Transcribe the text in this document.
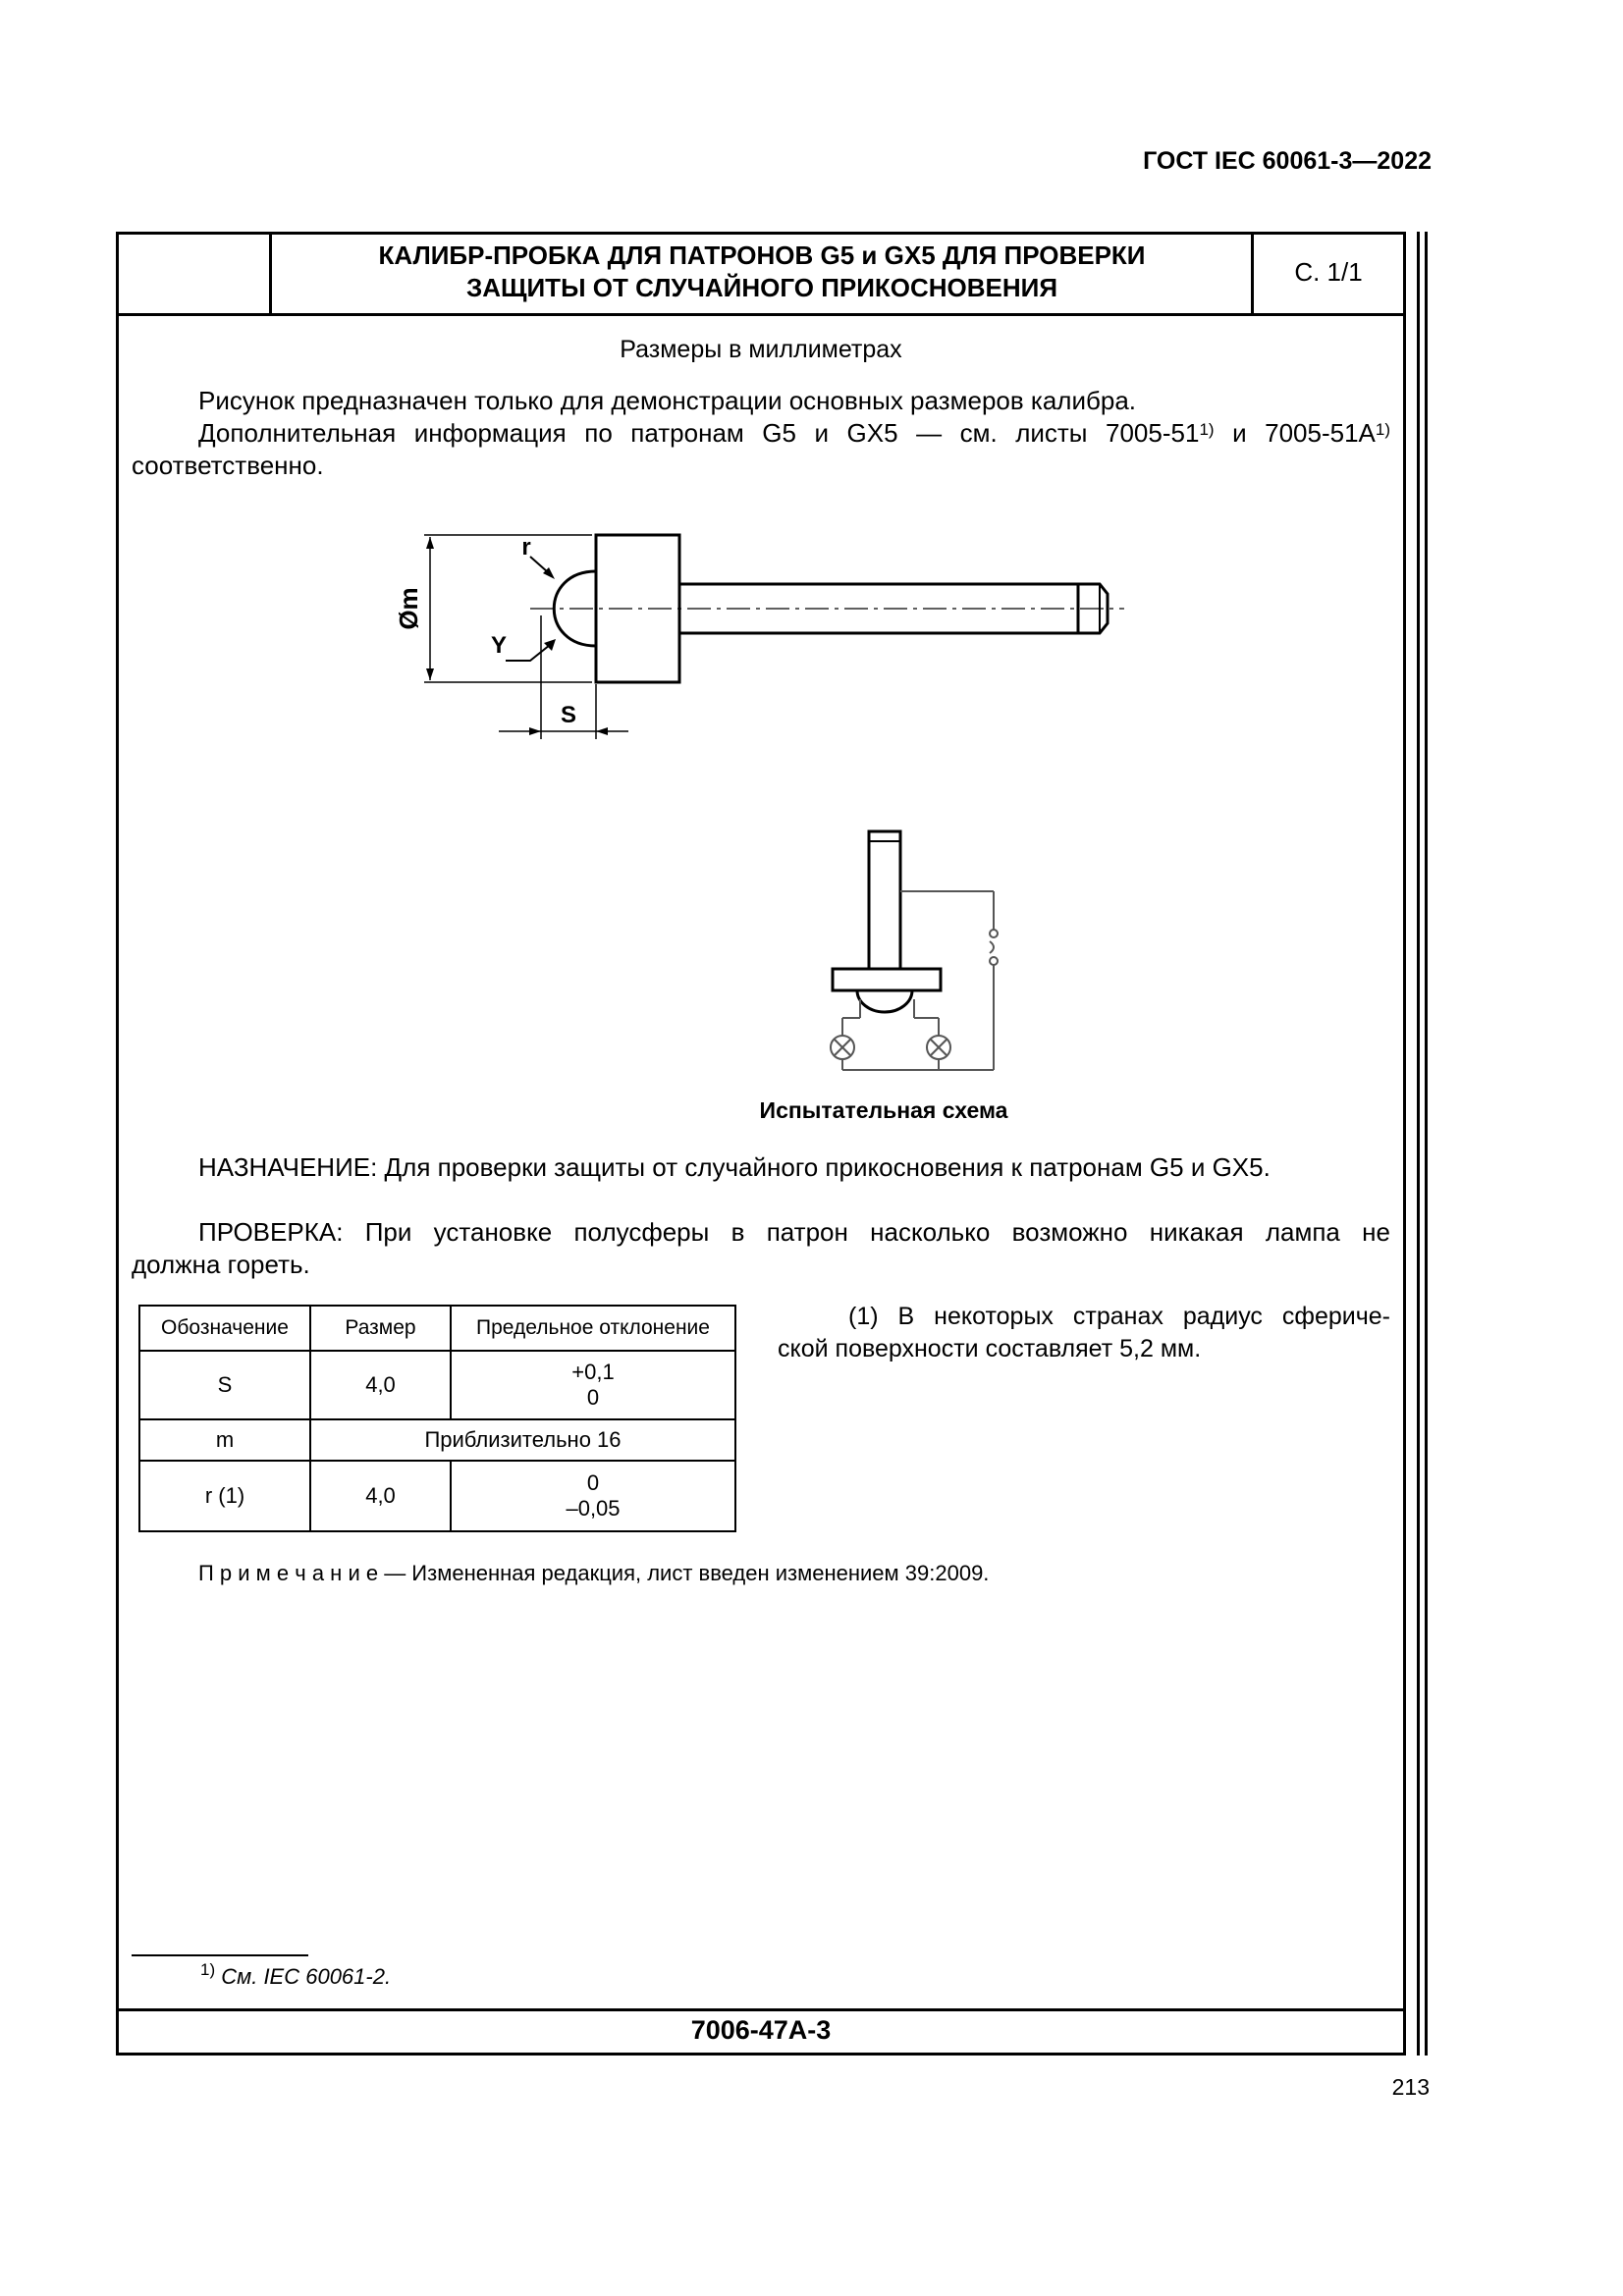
ГОСТ IEC 60061-3—2022
КАЛИБР-ПРОБКА ДЛЯ ПАТРОНОВ G5 и GX5 ДЛЯ ПРОВЕРКИ
ЗАЩИТЫ ОТ СЛУЧАЙНОГО ПРИКОСНОВЕНИЯ
С. 1/1
Размеры в миллиметрах
Рисунок предназначен только для демонстрации основных размеров калибра.
Дополнительная информация по патронам G5 и GX5 — см. листы 7005-51$^{1)}$ и $7005-51A^{1)}$
соответственно.
Øm
r
Y
S
Испытательная схема
НАЗНАЧЕНИЕ: Для проверки защиты от случайного прикосновения к патронам G5 и GX5.
ПРОВЕРКА: При установке полусферы в патрон насколько возможно никакая лампа не
должна гореть.
Обозначение	Размер	Предельное отклонение
S	4,0	+0,1
0

m	Приблизительно 16	
r (1)	4,0	0
–0,05
(1) В некоторых странах радиус сфериче-
ской поверхности составляет 5,2 мм.
П р и м е ч а н и е — Измененная редакция, лист введен изменением 39:2009.
$^{1)}$ См. IEC 60061-2.
7006-47A-3
213
